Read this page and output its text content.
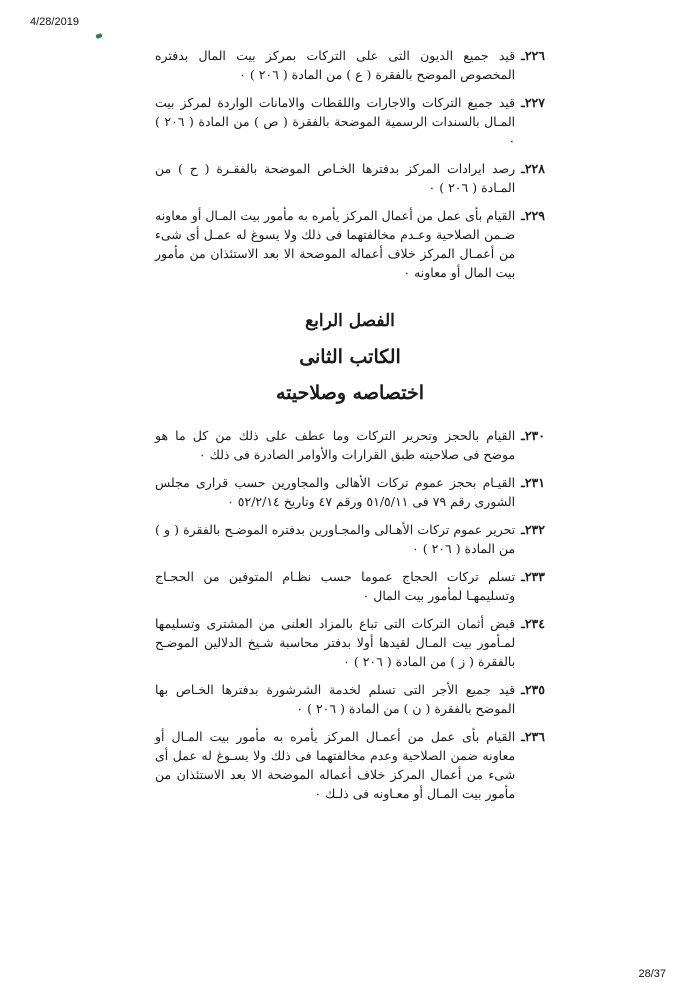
4/28/2019
٢٢٦ـ
قيد جميع الديون التى على التركات بمركز بيت المال بدفتره المخصوص الموضح بالفقرة ( ع ) من المادة ( ٢٠٦ ) ٠
٢٢٧ـ
قيد جميع التركات والاجارات واللقطات والامانات الواردة لمركز بيت المـال بالسندات الرسمية الموضحة بالفقرة ( ص ) من المادة ( ٢٠٦ ) ٠
٢٢٨ـ
رصد ايرادات المركز بدفترها الخـاص الموضحة بالفقـرة ( ح ) من المـادة ( ٢٠٦ ) ٠
٢٢٩ـ
القيام بأى عمل من أعمال المركز يأمره به مأمور بيت المـال أو معاونه ضـمن الصلاحية وعـدم مخالفتهما فى ذلك ولا يسوغ له عمـل أى شىء من أعمـال المركز خلاف أعماله الموضحة الا بعد الاستئذان من مأمور بيت المال أو معاونه ٠
الفصل الرابع
الكاتب الثانى
اختصاصه وصلاحيته
٢٣٠ـ
القيام بالحجز وتحرير التركات وما عطف على ذلك من كل ما هو موضح فى صلاحيته طبق القرارات والأوامر الصادرة فى ذلك ٠
٢٣١ـ
القيـام بحجز عموم تركات الأهالى والمجاورين حسب قرارى مجلس الشورى رقم ٧٩ فى ٥١/٥/١١ ورقم ٤٧ وتاريخ ٥٢/٢/١٤ ٠
٢٣٢ـ
تحرير عموم تركات الأهـالى والمجـاورين بدفتره الموضـح بالفقرة ( و ) من المادة ( ٢٠٦ ) ٠
٢٣٣ـ
تسلم تركات الحجاج عموما حسب نظـام المتوفين من الحجـاج وتسليمهـا لمأمور بيت المال ٠
٢٣٤ـ
قبض أثمان التركات التى تباع بالمزاد العلنى من المشترى وتسليمها لمـأمور بيت المـال لقيدها أولا بدفتر محاسبة شـيخ الدلالين الموضـح بالفقرة ( ز ) من المادة ( ٢٠٦ ) ٠
٢٣٥ـ
قيد جميع الأجر التى تسلم لخدمة الشرشورة بدفترها الخـاص بها الموضح بالفقرة ( ن ) من المادة ( ٢٠٦ ) ٠
٢٣٦ـ
القيام بأى عمل من أعمـال المركز يأمره به مأمور بيت المـال أو معاونه ضمن الصلاحية وعدم مخالفتهما فى ذلك ولا يسـوغ له عمل أى شىء من أعمال المركز خلاف أعماله الموضحة الا بعد الاستئذان من مأمور بيت المـال أو معـاونه فى ذلـك ٠
28/37
